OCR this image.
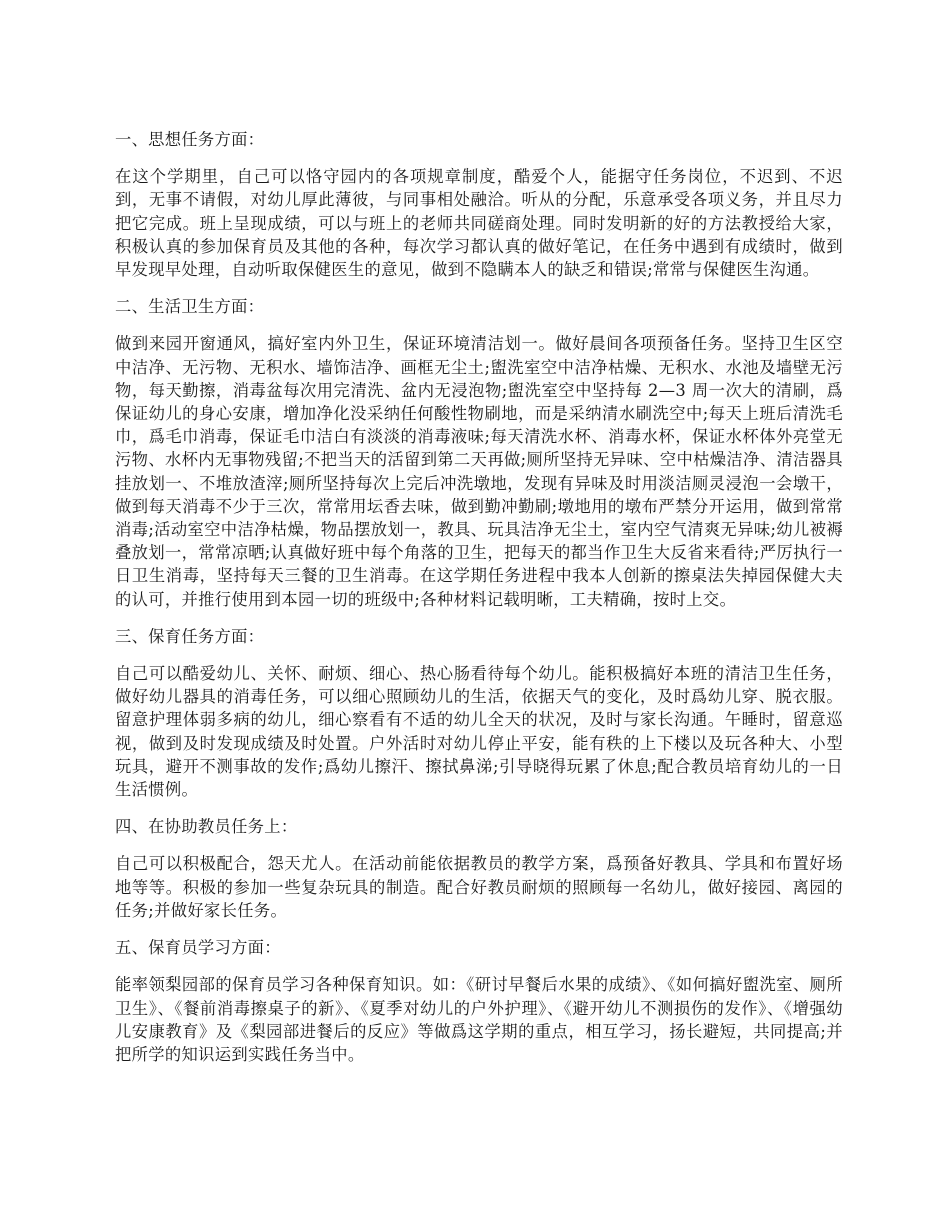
一、思想任务方面：

在这个学期里，自己可以恪守园内的各项规章制度，酷爱个人，能据守任务岗位，不迟到、不迟到，无事不请假，对幼儿厚此薄彼，与同事相处融洽。听从的分配，乐意承受各项义务，并且尽力把它完成。班上呈现成绩，可以与班上的老师共同磋商处理。同时发明新的好的方法教授给大家，积极认真的参加保育员及其他的各种，每次学习都认真的做好笔记，在任务中遇到有成绩时，做到早发现早处理，自动听取保健医生的意见，做到不隐瞒本人的缺乏和错误;常常与保健医生沟通。

二、生活卫生方面：

做到来园开窗通风，搞好室内外卫生，保证环境清洁划一。做好晨间各项预备任务。坚持卫生区空中洁净、无污物、无积水、墙饰洁净、画框无尘土;盥洗室空中洁净枯燥、无积水、水池及墙壁无污物，每天勤擦，消毒盆每次用完清洗、盆内无浸泡物;盥洗室空中坚持每 2—3 周一次大的清刷，爲保证幼儿的身心安康，增加净化没采纳任何酸性物刷地，而是采纳清水刷洗空中;每天上班后清洗毛巾，爲毛巾消毒，保证毛巾洁白有淡淡的消毒液味;每天清洗水杯、消毒水杯，保证水杯体外亮堂无污物、水杯内无事物残留;不把当天的活留到第二天再做;厕所坚持无异味、空中枯燥洁净、清洁器具挂放划一、不堆放渣滓;厕所坚持每次上完后冲洗墩地，发现有异味及时用淡洁厕灵浸泡一会墩干，做到每天消毒不少于三次，常常用坛香去味，做到勤冲勤刷;墩地用的墩布严禁分开运用，做到常常消毒;活动室空中洁净枯燥，物品摆放划一，教具、玩具洁净无尘土，室内空气清爽无异味;幼儿被褥叠放划一，常常凉晒;认真做好班中每个角落的卫生，把每天的都当作卫生大反省来看待;严厉执行一日卫生消毒，坚持每天三餐的卫生消毒。在这学期任务进程中我本人创新的擦桌法失掉园保健大夫的认可，并推行使用到本园一切的班级中;各种材料记载明晰，工夫精确，按时上交。

三、保育任务方面：

自己可以酷爱幼儿、关怀、耐烦、细心、热心肠看待每个幼儿。能积极搞好本班的清洁卫生任务，做好幼儿器具的消毒任务，可以细心照顾幼儿的生活，依据天气的变化，及时爲幼儿穿、脱衣服。留意护理体弱多病的幼儿，细心察看有不适的幼儿全天的状况，及时与家长沟通。午睡时，留意巡视，做到及时发现成绩及时处置。户外活时对幼儿停止平安，能有秩的上下楼以及玩各种大、小型玩具，避开不测事故的发作;爲幼儿擦汗、擦拭鼻涕;引导晓得玩累了休息;配合教员培育幼儿的一日生活惯例。

四、在协助教员任务上：

自己可以积极配合，怨天尤人。在活动前能依据教员的教学方案，爲预备好教具、学具和布置好场地等等。积极的参加一些复杂玩具的制造。配合好教员耐烦的照顾每一名幼儿，做好接园、离园的任务;并做好家长任务。

五、保育员学习方面：

能率领梨园部的保育员学习各种保育知识。如：《研讨早餐后水果的成绩》、《如何搞好盥洗室、厕所卫生》、《餐前消毒擦桌子的新》、《夏季对幼儿的户外护理》、《避开幼儿不测损伤的发作》、《增强幼儿安康教育》及《梨园部进餐后的反应》等做爲这学期的重点，相互学习，扬长避短，共同提高;并把所学的知识运到实践任务当中。
